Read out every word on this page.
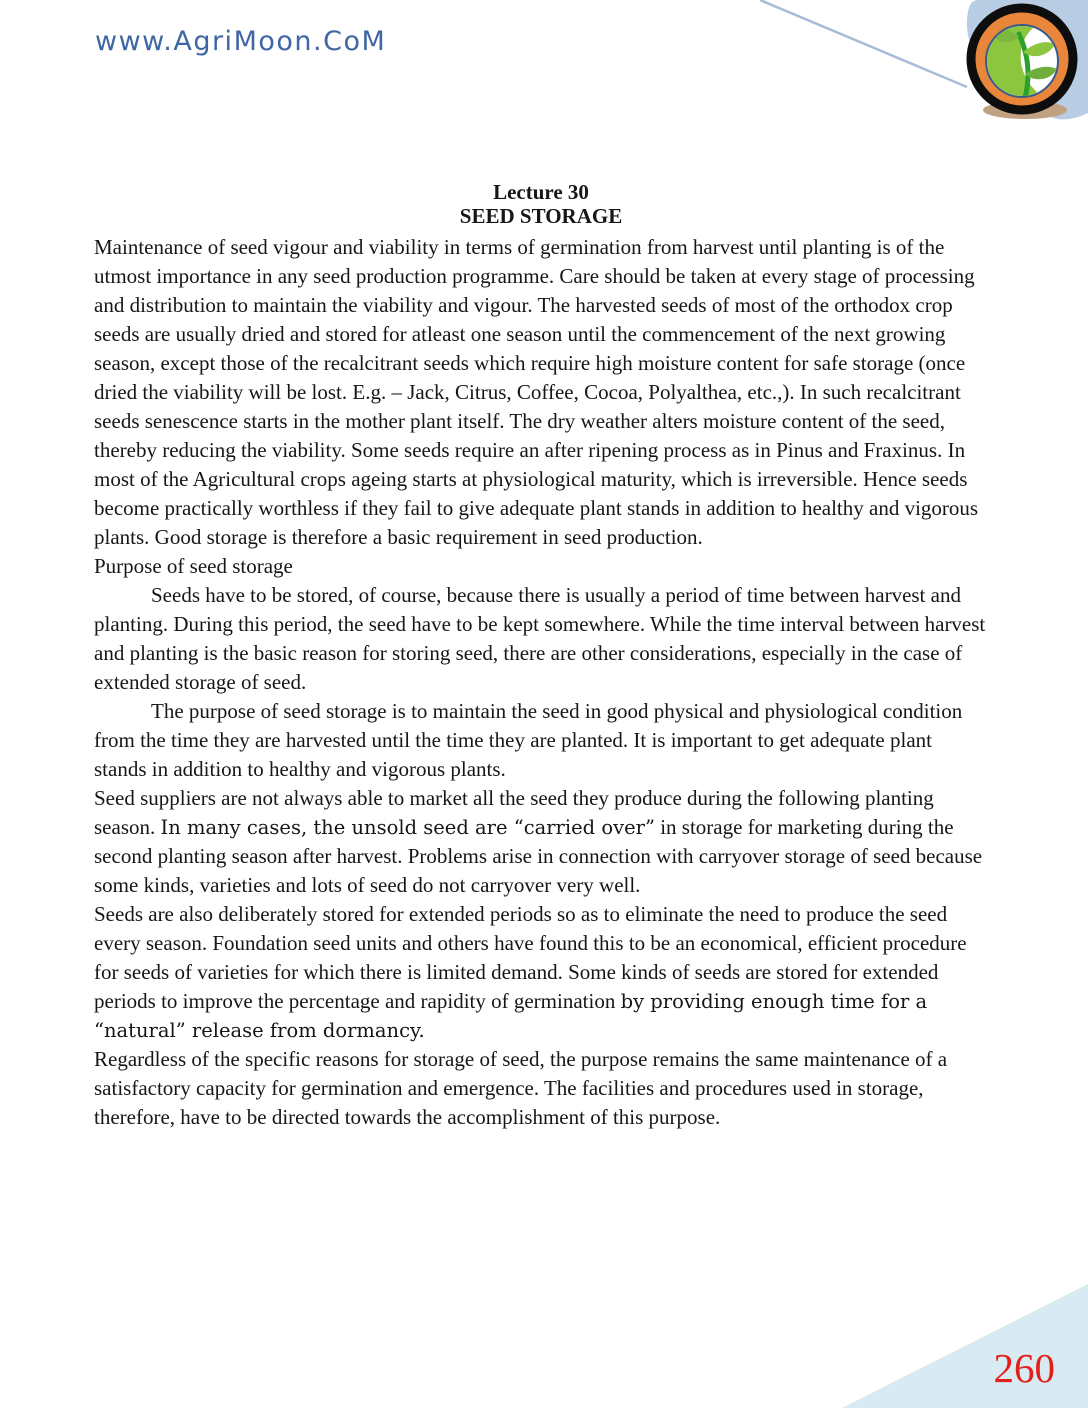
www.AgriMoon.CoM

Lecture 30

SEED STORAGE

Maintenance of seed vigour and viability in terms of germination from harvest until planting is of the utmost importance in any seed production programme. Care should be taken at every stage of processing and distribution to maintain the viability and vigour. The harvested seeds of most of the orthodox crop seeds are usually dried and stored for atleast one season until the commencement of the next growing season, except those of the recalcitrant seeds which require high moisture content for safe storage (once dried the viability will be lost. E.g. – Jack, Citrus, Coffee, Cocoa, Polyalthea, etc.,). In such recalcitrant seeds senescence starts in the mother plant itself. The dry weather alters moisture content of the seed, thereby reducing the viability. Some seeds require an after ripening process as in Pinus and Fraxinus. In most of the Agricultural crops ageing starts at physiological maturity, which is irreversible. Hence seeds become practically worthless if they fail to give adequate plant stands in addition to healthy and vigorous plants. Good storage is therefore a basic requirement in seed production.

Purpose of seed storage

Seeds have to be stored, of course, because there is usually a period of time between harvest and planting. During this period, the seed have to be kept somewhere. While the time interval between harvest and planting is the basic reason for storing seed, there are other considerations, especially in the case of extended storage of seed.

The purpose of seed storage is to maintain the seed in good physical and physiological condition from the time they are harvested until the time they are planted. It is important to get adequate plant stands in addition to healthy and vigorous plants.

Seed suppliers are not always able to market all the seed they produce during the following planting season. In many cases, the unsold seed are “carried over” in storage for marketing during the second planting season after harvest. Problems arise in connection with carryover storage of seed because some kinds, varieties and lots of seed do not carryover very well.

Seeds are also deliberately stored for extended periods so as to eliminate the need to produce the seed every season. Foundation seed units and others have found this to be an economical, efficient procedure for seeds of varieties for which there is limited demand. Some kinds of seeds are stored for extended periods to improve the percentage and rapidity of germination by providing enough time for a “natural” release from dormancy.

Regardless of the specific reasons for storage of seed, the purpose remains the same maintenance of a satisfactory capacity for germination and emergence. The facilities and procedures used in storage, therefore, have to be directed towards the accomplishment of this purpose.

260
